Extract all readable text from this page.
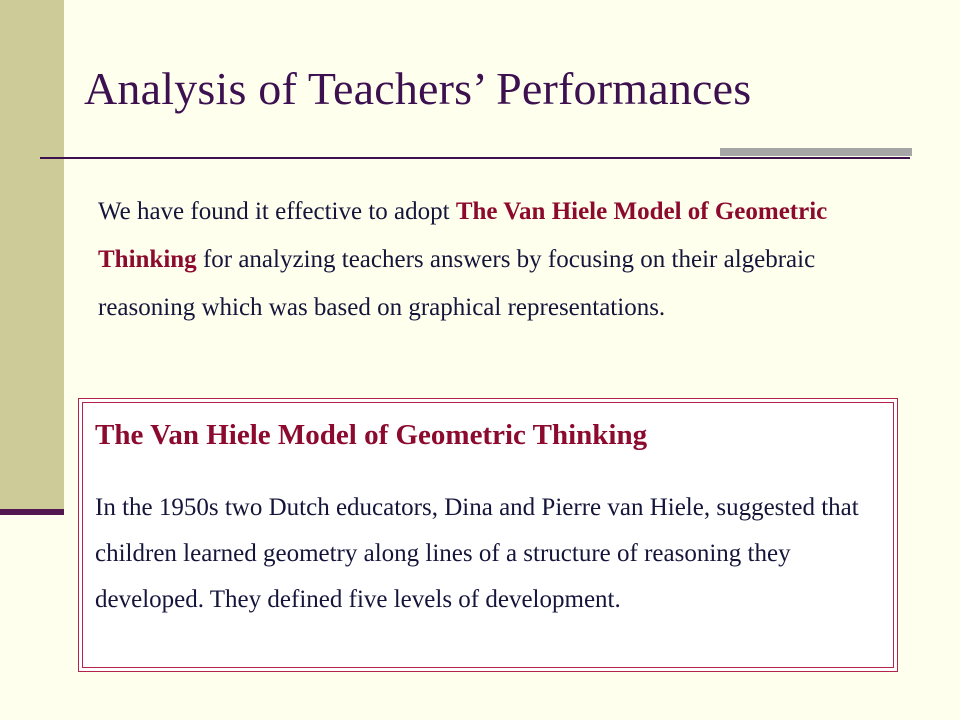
Analysis of Teachers’ Performances

We have found it effective to adopt The Van Hiele Model of Geometric Thinking for analyzing teachers answers by focusing on their algebraic reasoning which was based on graphical representations.

The Van Hiele Model of Geometric Thinking

In the 1950s two Dutch educators, Dina and Pierre van Hiele, suggested that children learned geometry along lines of a structure of reasoning they developed. They defined five levels of development.
